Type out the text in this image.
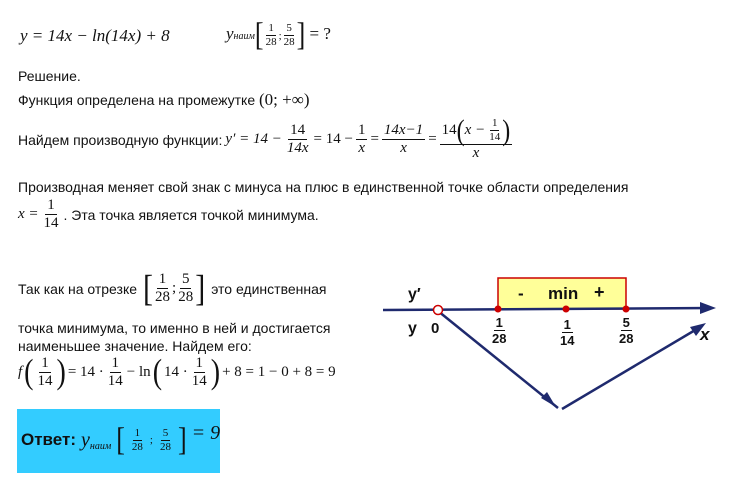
y = 14x − ln(14x) + 8	yнаим[ $\frac{1}{28}$ ; $\frac{5}{28}$ ] = ?
Решение.
Функция определена на промежутке (0; +∞)
Найдем производную функции: $y' = 14 - \frac{14}{14x} = 14 - \frac{1}{x} = \frac{14x-1}{x} = \frac{14 ( x - \frac{1}{14} )}{x}$
Производная меняет свой знак с минуса на плюс в единственной точке области определения
$x = \frac{1}{14}$ . Эта точка является точкой минимума.
Так как на отрезке [ $\frac{1}{28}$ ; $\frac{5}{28}$ ] это единственная
точка минимума, то именно в ней и достигается
наименьшее значение. Найдем его:
f ( $\frac{1}{14}$ ) = $14 \cdot \frac{1}{14} - \ln$ ( $14 \cdot \frac{1}{14}$ ) + 8 = 1 − 0 + 8 = 9
Ответ: y наим [ $\frac{1}{28}$ ; $\frac{5}{28}$ ] = 9
y′
y 0	x
- min +
$\frac{1}{28}$	$\frac{1}{14}$	$\frac{5}{28}$
